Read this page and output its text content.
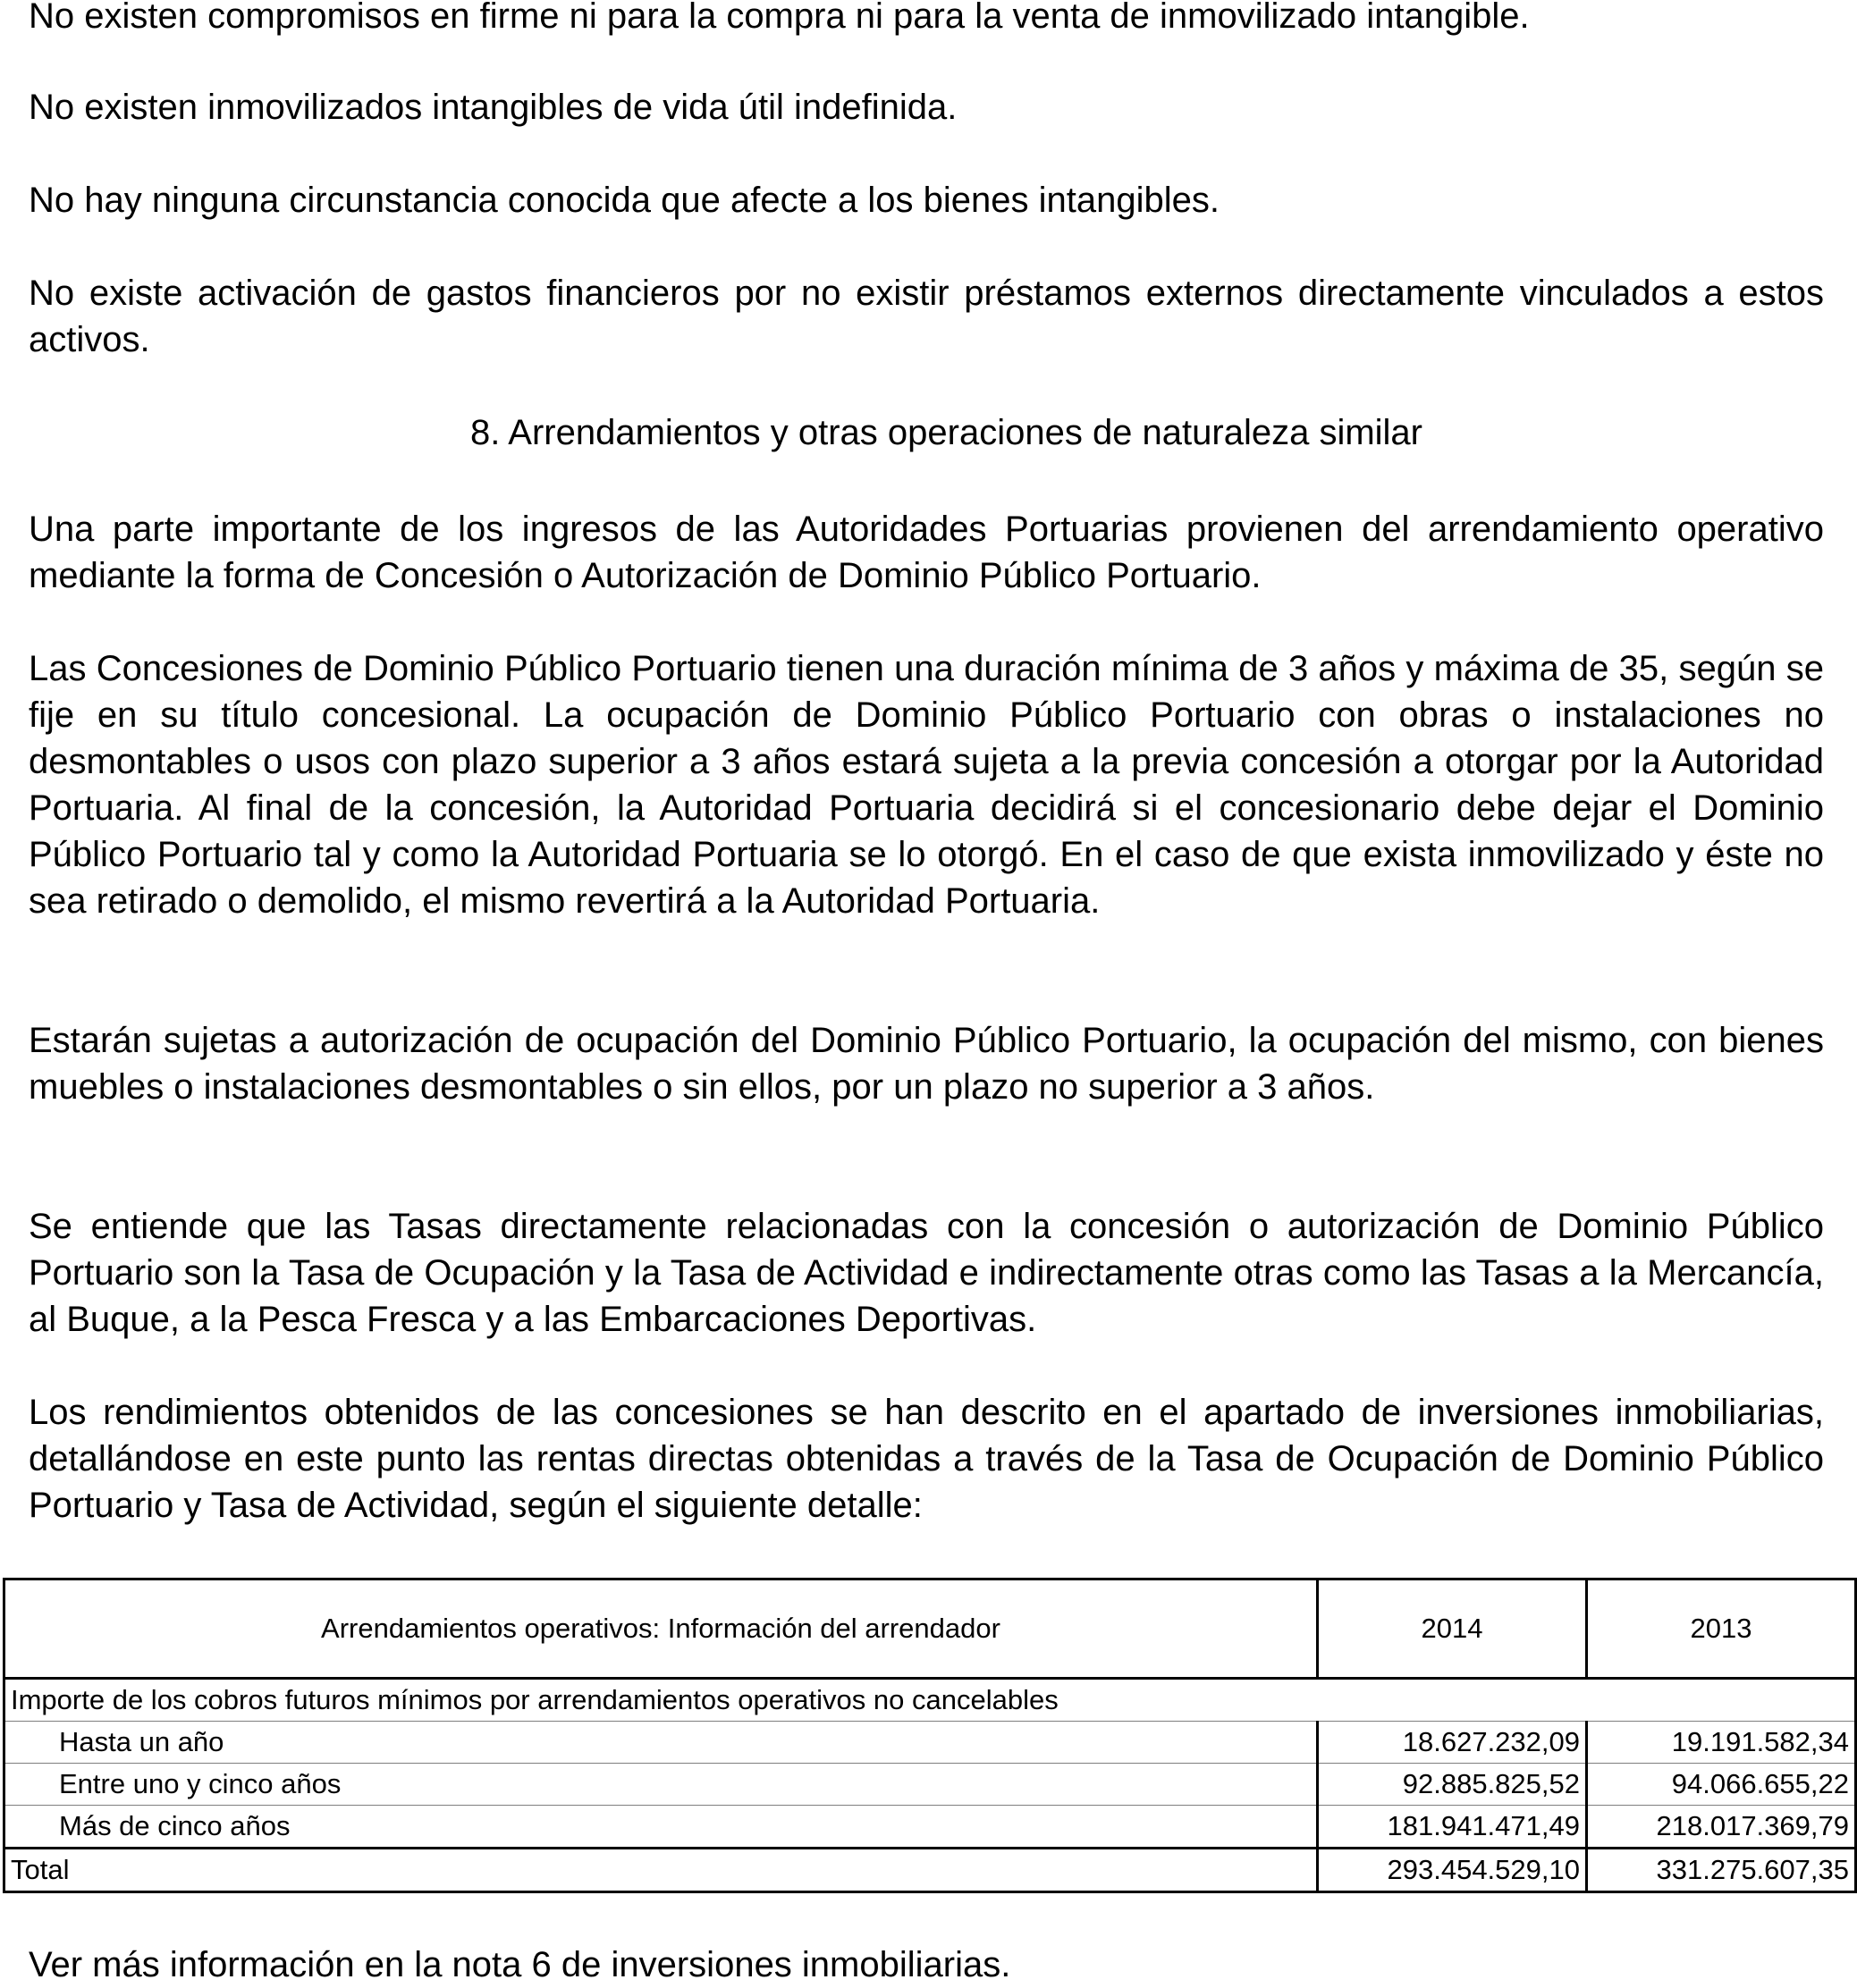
No existen compromisos en firme ni para la compra ni para la venta de inmovilizado intangible.

No existen inmovilizados intangibles de vida útil indefinida.

No hay ninguna circunstancia conocida que afecte a los bienes intangibles.

No existe activación de gastos financieros por no existir préstamos externos directamente vinculados a estos activos.

8. Arrendamientos y otras operaciones de naturaleza similar

Una parte importante de los ingresos de las Autoridades Portuarias provienen del arrendamiento operativo mediante la forma de Concesión o Autorización de Dominio Público Portuario.

Las Concesiones de Dominio Público Portuario tienen una duración mínima de 3 años y máxima de 35, según se fije en su título concesional. La ocupación de Dominio Público Portuario con obras o instalaciones no desmontables o usos con plazo superior a 3 años estará sujeta a la previa concesión a otorgar por la Autoridad Portuaria. Al final de la concesión, la Autoridad Portuaria decidirá si el concesionario debe dejar el Dominio Público Portuario tal y como la Autoridad Portuaria se lo otorgó. En el caso de que exista inmovilizado y éste no sea retirado o demolido, el mismo revertirá a la Autoridad Portuaria.

Estarán sujetas a autorización de ocupación del Dominio Público Portuario, la ocupación del mismo, con bienes muebles o instalaciones desmontables o sin ellos, por un plazo no superior a 3 años.

Se entiende que las Tasas directamente relacionadas con la concesión o autorización de Dominio Público Portuario son la Tasa de Ocupación y la Tasa de Actividad e indirectamente otras como las Tasas a la Mercancía, al Buque, a la Pesca Fresca y a las Embarcaciones Deportivas.

Los rendimientos obtenidos de las concesiones se han descrito en el apartado de inversiones inmobiliarias, detallándose en este punto las rentas directas obtenidas a través de la Tasa de Ocupación de Dominio Público Portuario y Tasa de Actividad, según el siguiente detalle:

Arrendamientos operativos: Información del arrendador	2014	2013
Importe de los cobros futuros mínimos por arrendamientos operativos no cancelables		
Hasta un año	18.627.232,09	19.191.582,34
Entre uno y cinco años	92.885.825,52	94.066.655,22
Más de cinco años	181.941.471,49	218.017.369,79
Total	293.454.529,10	331.275.607,35

Ver más información en la nota 6 de inversiones inmobiliarias.
